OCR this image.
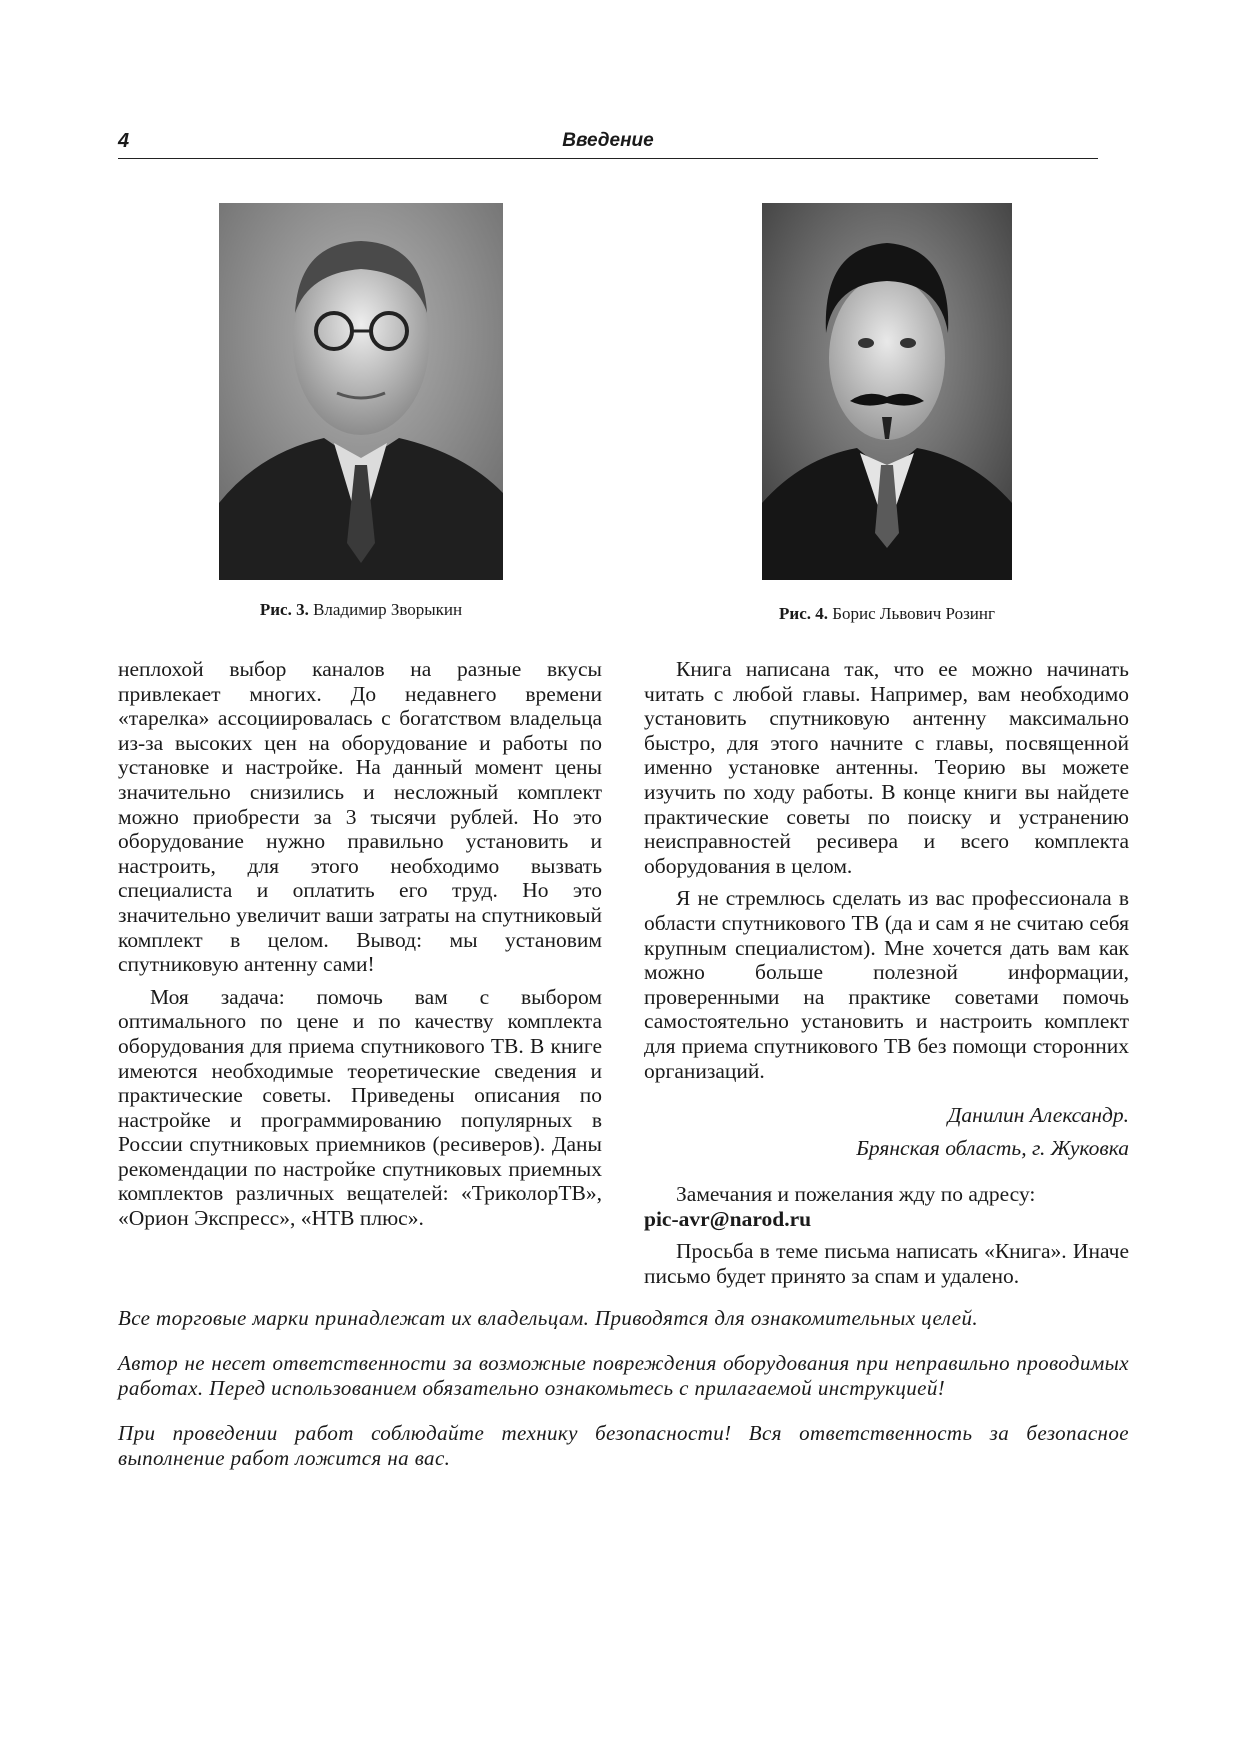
4	Введение
Рис. 3. Владимир Зворыкин	Рис. 4. Борис Львович Розинг

неплохой выбор каналов на разные вкусы привлекает многих. До недавнего времени «тарелка» ассоциировалась с богатством владельца из-за высоких цен на оборудование и работы по установке и настройке. На данный момент цены значительно снизились и несложный комплект можно приобрести за 3 тысячи рублей. Но это оборудование нужно правильно установить и настроить, для этого необходимо вызвать специалиста и оплатить его труд. Но это значительно увеличит ваши затраты на спутниковый комплект в целом. Вывод: мы установим спутниковую антенну сами!

Моя задача: помочь вам с выбором оптимального по цене и по качеству комплекта оборудования для приема спутникового ТВ. В книге имеются необходимые теоретические сведения и практические советы. Приведены описания по настройке и программированию популярных в России спутниковых приемников (ресиверов). Даны рекомендации по настройке спутниковых приемных комплектов различных вещателей: «ТриколорТВ», «Орион Экспресс», «НТВ плюс».

Книга написана так, что ее можно начинать читать с любой главы. Например, вам необходимо установить спутниковую антенну максимально быстро, для этого начните с главы, посвященной именно установке антенны. Теорию вы можете изучить по ходу работы. В конце книги вы найдете практические советы по поиску и устранению неисправностей ресивера и всего комплекта оборудования в целом.

Я не стремлюсь сделать из вас профессионала в области спутникового ТВ (да и сам я не считаю себя крупным специалистом). Мне хочется дать вам как можно больше полезной информации, проверенными на практике советами помочь самостоятельно установить и настроить комплект для приема спутникового ТВ без помощи сторонних организаций.

Данилин Александр.

Брянская область, г. Жуковка

Замечания и пожелания жду по адресу:

pic-avr@narod.ru

Просьба в теме письма написать «Книга». Иначе письмо будет принято за спам и удалено.

Все торговые марки принадлежат их владельцам. Приводятся для ознакомительных целей.

Автор не несет ответственности за возможные повреждения оборудования при неправильно проводимых работах. Перед использованием обязательно ознакомьтесь с прилагаемой инструкцией!

При проведении работ соблюдайте технику безопасности! Вся ответственность за безопасное выполнение работ ложится на вас.
